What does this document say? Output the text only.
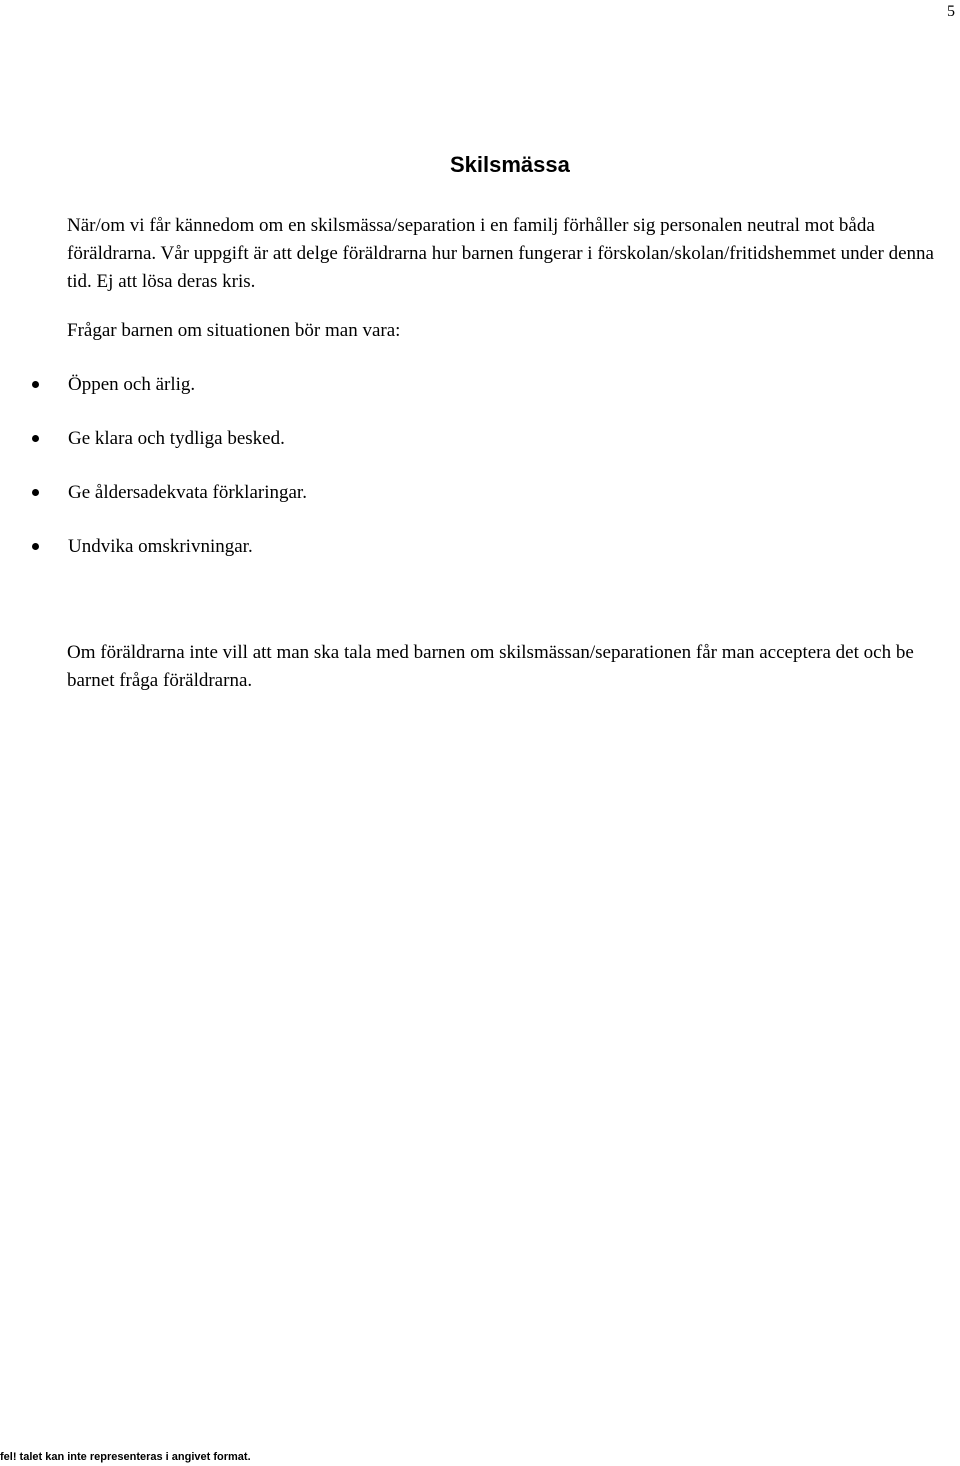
5
Skilsmässa

När/om vi får kännedom om en skilsmässa/separation i en familj förhåller sig personalen neutral mot båda föräldrarna. Vår uppgift är att delge föräldrarna hur barnen fungerar i förskolan/skolan/fritidshemmet under denna tid. Ej att lösa deras kris.

Frågar barnen om situationen bör man vara:

Öppen och ärlig.
Ge klara och tydliga besked.
Ge åldersadekvata förklaringar.
Undvika omskrivningar.

Om föräldrarna inte vill att man ska tala med barnen om skilsmässan/separationen får man acceptera det och be barnet fråga föräldrarna.

fel! talet kan inte representeras i angivet format.
